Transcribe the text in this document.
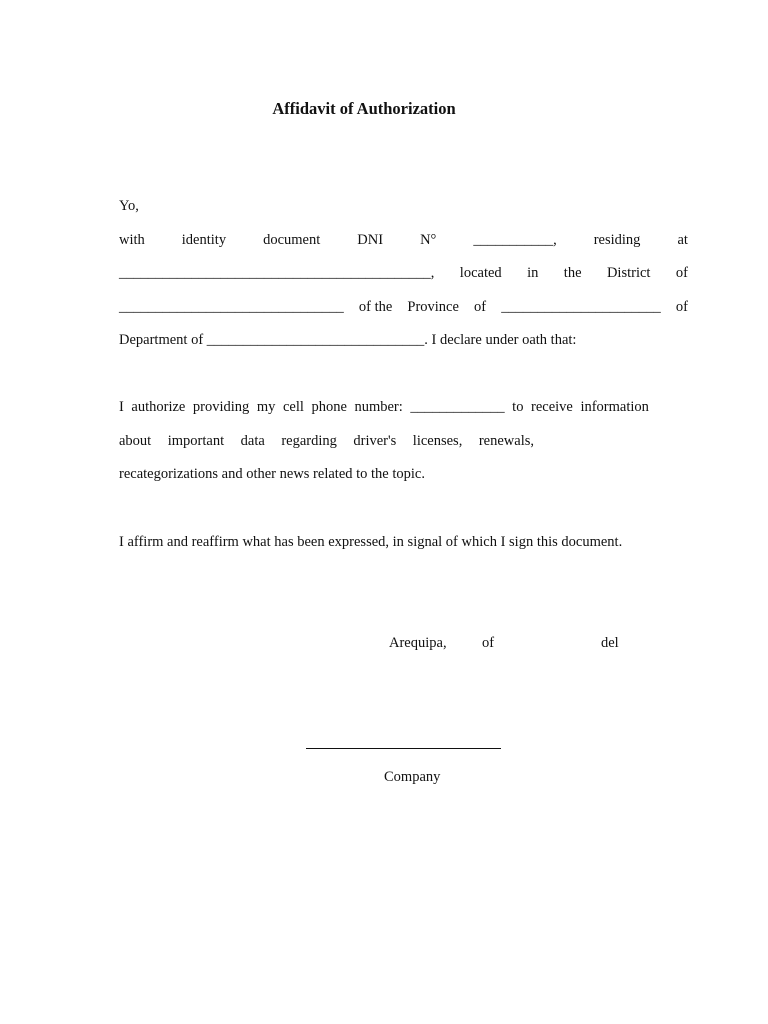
Affidavit of Authorization
Yo,
with	identity	document	DNI	N°	___________,	residing	at
___________________________________________, located in the District of
_______________________________ of the Province of ______________________ of
Department of ______________________________. I declare under oath that:
I authorize providing my cell phone number: _____________ to receive information
about important data regarding driver's licenses, renewals,
recategorizations and other news related to the topic.
I affirm and reaffirm what has been expressed, in signal of which I sign this document.
Arequipa, of	del
Company
